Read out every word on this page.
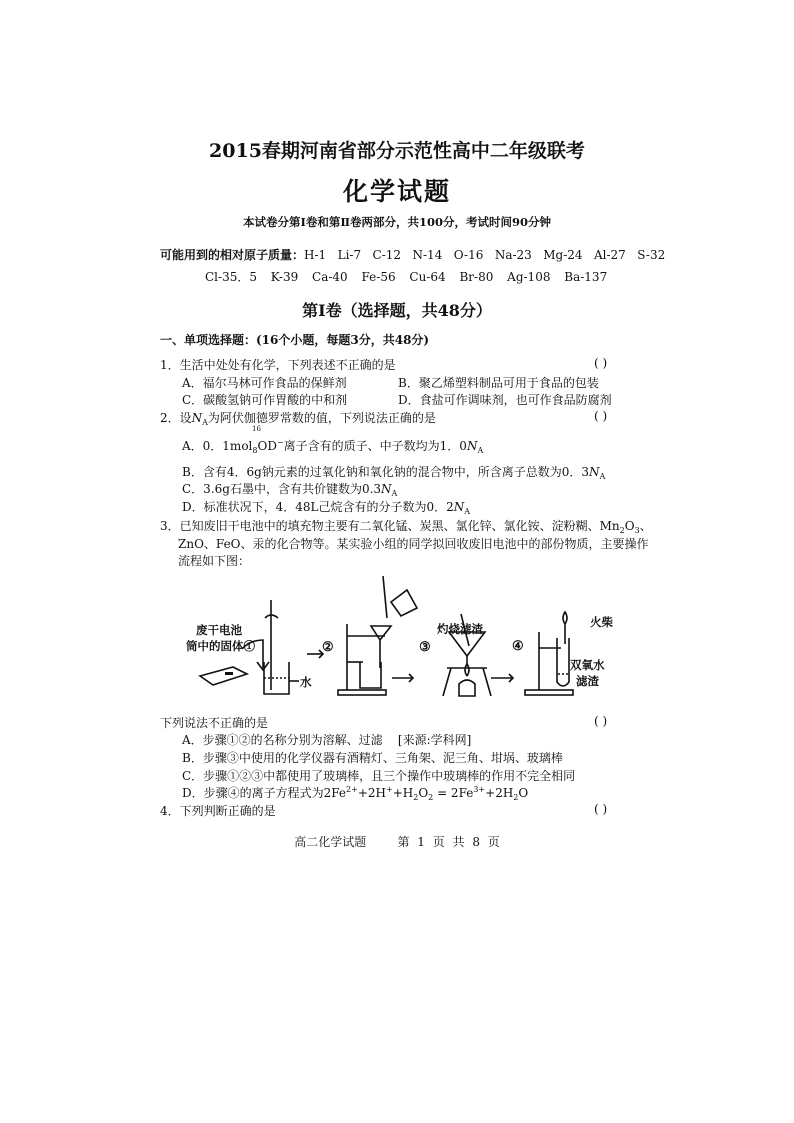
2015春期河南省部分示范性高中二年级联考
化学试题
本试卷分第Ⅰ卷和第Ⅱ卷两部分，共100分，考试时间90分钟
可能用到的相对原子质量：H-1   Li-7   C-12   N-14   O-16   Na-23   Mg-24   Al-27   S-32
Cl-35．5 K-39 Ca-40 Fe-56 Cu-64 Br-80 Ag-108 Ba-137
第Ⅰ卷（选择题，共48分）
一、单项选择题：(16个小题，每题3分，共48分)
1．生活中处处有化学，下列表述不正确的是	( )
A．福尔马林可作食品的保鲜剂	B．聚乙烯塑料制品可用于食品的包装
C．碳酸氢钠可作胃酸的中和剂	D．食盐可作调味剂，也可作食品防腐剂
2．设$N_A$为阿伏伽德罗常数的值，下列说法正确的是	( )
16
A．0．1mol$_8$OD−离子含有的质子、中子数均为1．$0N_A$
B．含有4．6g钠元素的过氧化钠和氧化钠的混合物中，所含离子总数为0．$3N_A$
C．3.6g石墨中，含有共价键数为$0.3N_A$
D．标准状况下，4．48L己烷含有的分子数为0．$2N_A$
3．已知废旧干电池中的填充物主要有二氧化锰、炭黑、氯化锌、氯化铵、淀粉糊、$Mn_2O_3$、
ZnO、FeO、汞的化合物等。某实验小组的同学拟回收废旧电池中的部份物质，主要操作
流程如下图：
废干电池
筒中的固体①
水
②
灼烧滤渣
③	④
火柴
双氧水
滤渣
下列说法不正确的是	( )
A．步骤①②的名称分别为溶解、过滤    [来源:学科网]
B．步骤③中使用的化学仪器有酒精灯、三角架、泥三角、坩埚、玻璃棒
C．步骤①②③中都使用了玻璃棒，且三个操作中玻璃棒的作用不完全相同
D．步骤④的离子方程式为$2Fe^{2+}+2H^++H_2O_2 = 2Fe^{3+}+2H_2O$
4．下列判断正确的是	( )
高二化学试题    第 1 页 共 8 页
